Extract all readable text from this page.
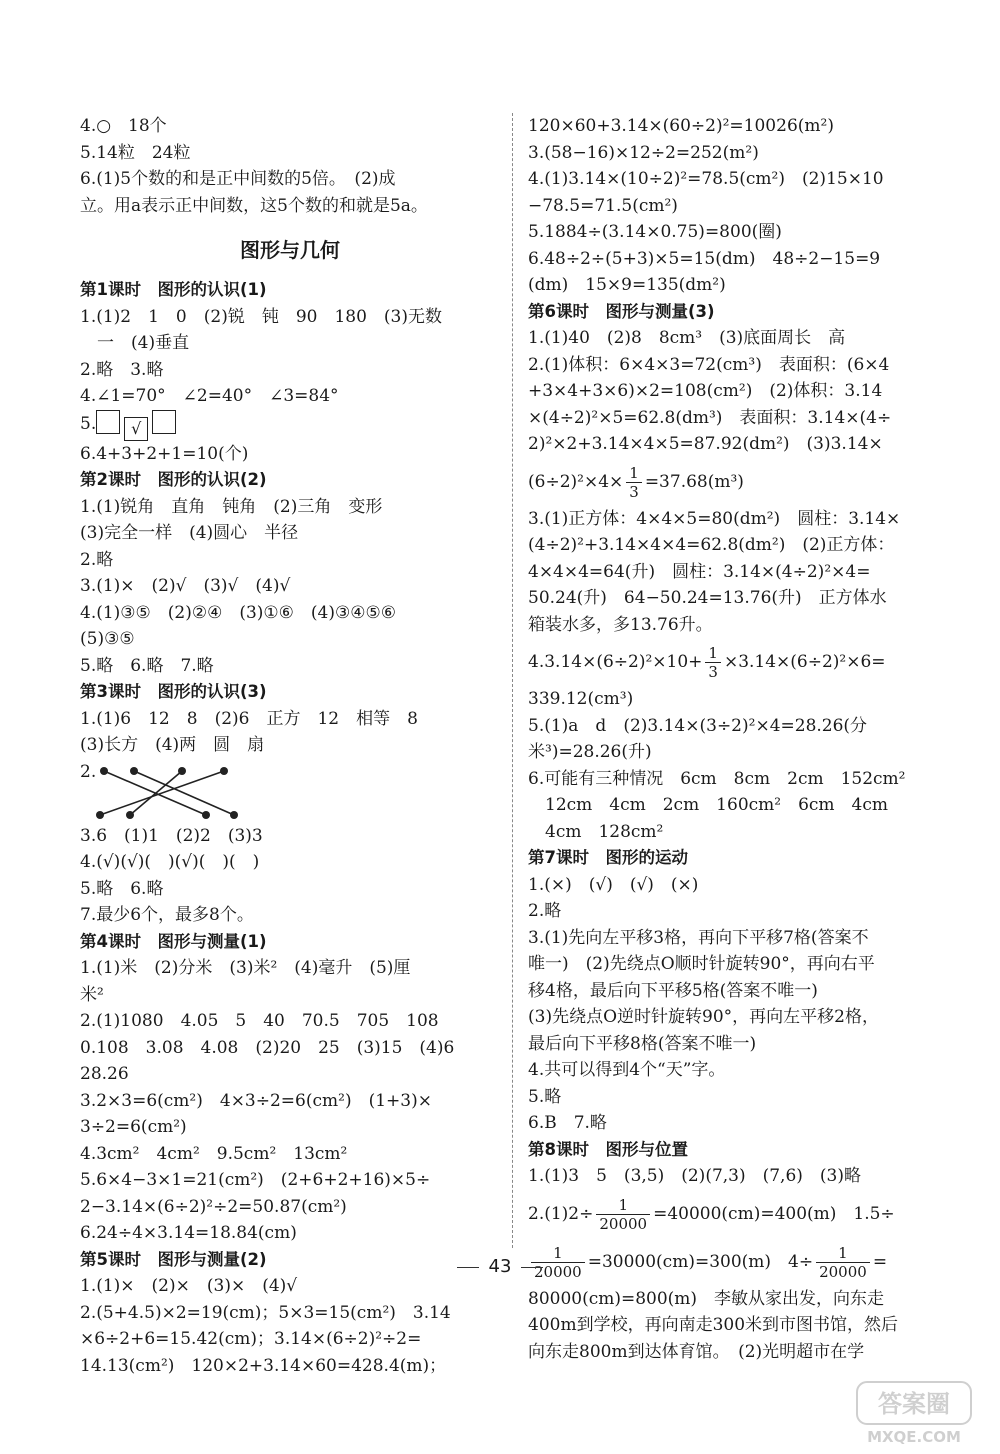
4.○　18个
5.14粒　24粒
6.(1)5个数的和是正中间数的5倍。　(2)成
立。用a表示正中间数，这5个数的和就是5a。
图形与几何
第1课时　图形的认识(1)
1.(1)2　1　0　(2)锐　钝　90　180　(3)无数
　一　(4)垂直
2.略　3.略
4.∠1=70°　∠2=40°　∠3=84°
5. √
6.4+3+2+1=10(个)
第2课时　图形的认识(2)
1.(1)锐角　直角　钝角　(2)三角　变形
(3)完全一样　(4)圆心　半径
2.略
3.(1)×　(2)√　(3)√　(4)√
4.(1)③⑤　(2)②④　(3)①⑥　(4)③④⑤⑥
(5)③⑤
5.略　6.略　7.略
第3课时　图形的认识(3)
1.(1)6　12　8　(2)6　正方　12　相等　8
(3)长方　(4)两　圆　扇
2.
3.6　(1)1　(2)2　(3)3
4.(√)(√)(　)(√)(　)(　)
5.略　6.略
7.最少6个，最多8个。
第4课时　图形与测量(1)
1.(1)米　(2)分米　(3)米²　(4)毫升　(5)厘
米²
2.(1)1080　4.05　5　40　70.5　705　108
0.108　3.08　4.08　(2)20　25　(3)15　(4)6
28.26
3.2×3=6(cm²)　4×3÷2=6(cm²)　(1+3)×
3÷2=6(cm²)
4.3cm²　4cm²　9.5cm²　13cm²
5.6×4−3×1=21(cm²)　(2+6+2+16)×5÷
2−3.14×(6÷2)²÷2=50.87(cm²)
6.24÷4×3.14=18.84(cm)
第5课时　图形与测量(2)
1.(1)×　(2)×　(3)×　(4)√
2.(5+4.5)×2=19(cm)；5×3=15(cm²)　3.14
×6÷2+6=15.42(cm)；3.14×(6÷2)²÷2=
14.13(cm²)　120×2+3.14×60=428.4(m)；
120×60+3.14×(60÷2)²=10026(m²)
3.(58−16)×12÷2=252(m²)
4.(1)3.14×(10÷2)²=78.5(cm²)　(2)15×10
−78.5=71.5(cm²)
5.1884÷(3.14×0.75)=800(圈)
6.48÷2÷(5+3)×5=15(dm)　48÷2−15=9
(dm)　15×9=135(dm²)
第6课时　图形与测量(3)
1.(1)40　(2)8　8cm³　(3)底面周长　高
2.(1)体积：6×4×3=72(cm³)　表面积：(6×4
+3×4+3×6)×2=108(cm²)　(2)体积：3.14
×(4÷2)²×5=62.8(dm³)　表面积：3.14×(4÷
2)²×2+3.14×4×5=87.92(dm²)　(3)3.14×
$(6\div 2)^2\times 4\times \frac{1}{3} =37.68(m^3)$
3.(1)正方体：4×4×5=80(dm²)　圆柱：3.14×
(4÷2)²+3.14×4×4=62.8(dm²)　(2)正方体：
4×4×4=64(升)　圆柱：3.14×(4÷2)²×4=
50.24(升)　64−50.24=13.76(升)　正方体水
箱装水多，多13.76升。
$4.3.14\times(6\div 2)^2\times 10+ \frac{1}{3} \times 3.14\times(6\div 2)^2\times 6=$
339.12(cm³)
5.(1)a　d　(2)3.14×(3÷2)²×4=28.26(分
米³)=28.26(升)
6.可能有三种情况　6cm　8cm　2cm　152cm²
　12cm　4cm　2cm　160cm²　6cm　4cm
　4cm　128cm²
第7课时　图形的运动
1.(×)　(√)　(√)　(×)
2.略
3.(1)先向左平移3格，再向下平移7格(答案不
唯一)　(2)先绕点O顺时针旋转90°，再向右平
移4格，最后向下平移5格(答案不唯一)
(3)先绕点O逆时针旋转90°，再向左平移2格，
最后向下平移8格(答案不唯一)
4.共可以得到4个“天”字。
5.略
6.B　7.略
第8课时　图形与位置
1.(1)3　5　(3,5)　(2)(7,3)　(7,6)　(3)略
$2.(1)2\div \frac{1}{20000} =40000(cm)=400(m)$　1.5÷
$\frac{1}{20000} =30000(cm)=300(m)$　$4\div \frac{1}{20000}$ =
80000(cm)=800(m)　李敏从家出发，向东走
400m到学校，再向南走300米到市图书馆，然后
向东走800m到达体育馆。　(2)光明超市在学
43
答案圈
MXQE.COM
